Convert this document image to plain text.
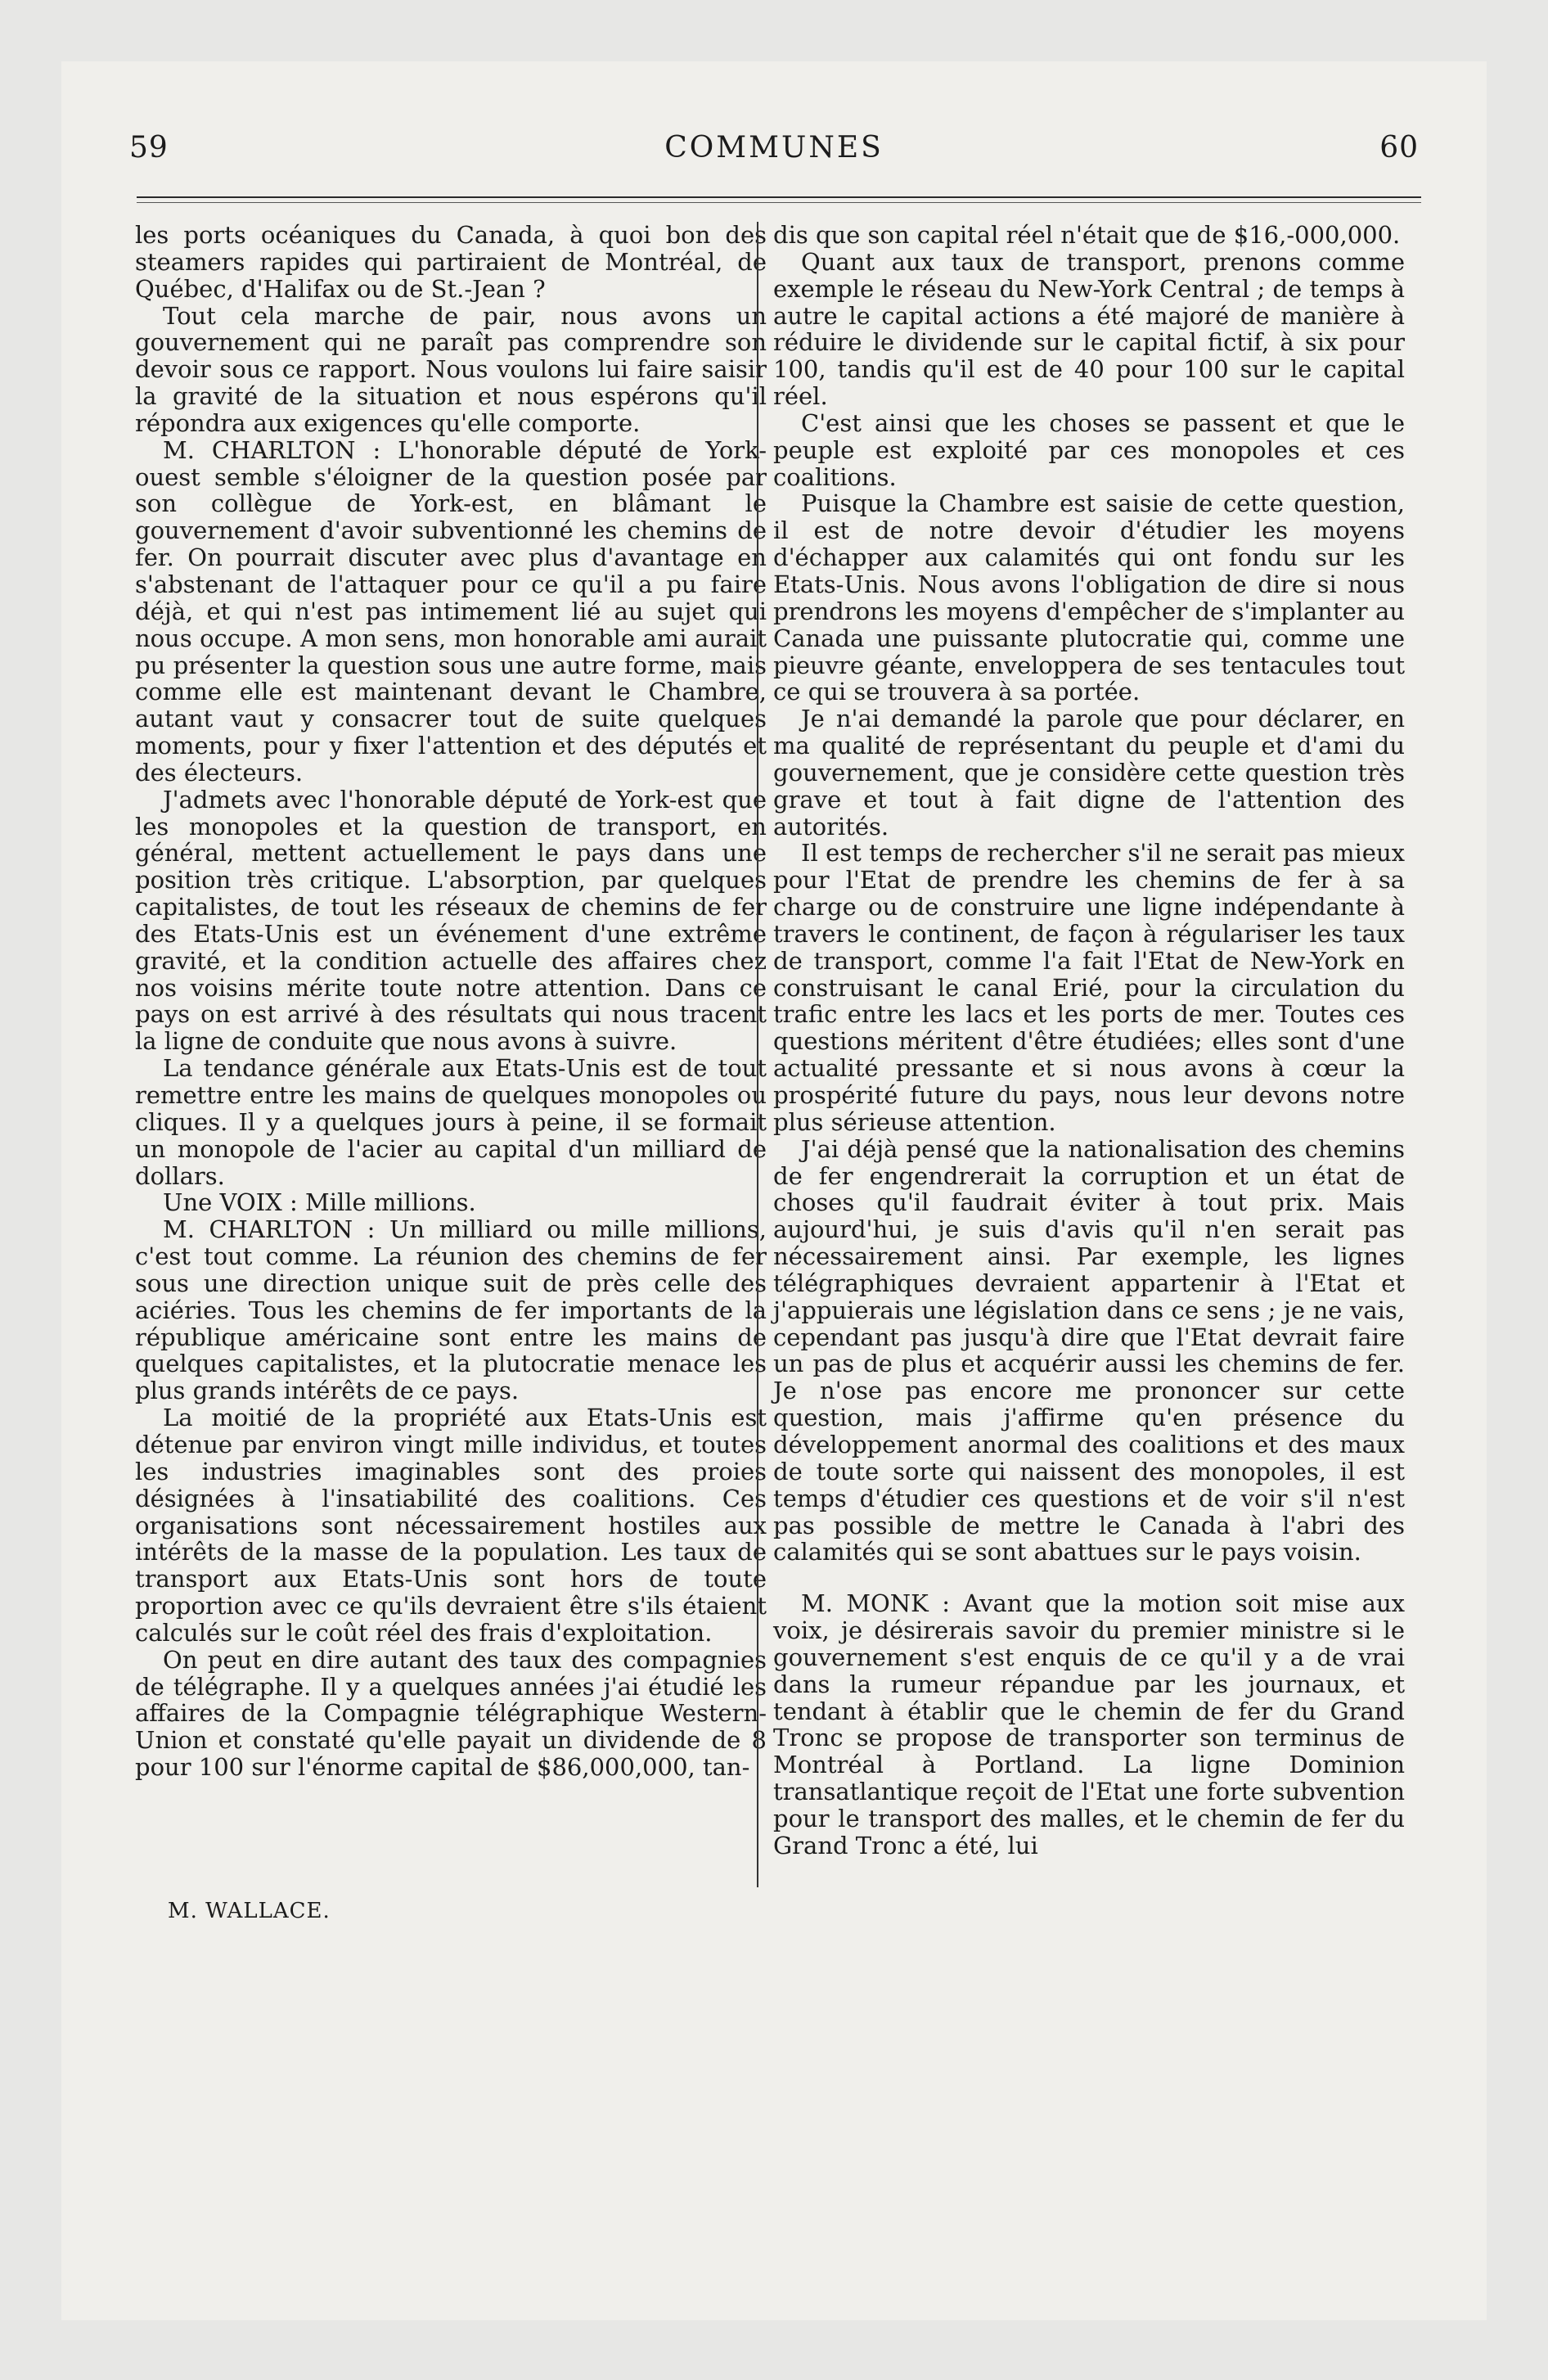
59	COMMUNES	60

les ports océaniques du Canada, à quoi bon des steamers rapides qui partiraient de Montréal, de Québec, d'Halifax ou de St.-Jean ?

Tout cela marche de pair, nous avons un gouvernement qui ne paraît pas comprendre son devoir sous ce rapport. Nous voulons lui faire saisir la gravité de la situation et nous espérons qu'il répondra aux exigences qu'elle comporte.

M. CHARLTON : L'honorable député de York-ouest semble s'éloigner de la question posée par son collègue de York-est, en blâmant le gouvernement d'avoir subventionné les chemins de fer. On pourrait discuter avec plus d'avantage en s'abstenant de l'attaquer pour ce qu'il a pu faire déjà, et qui n'est pas intimement lié au sujet qui nous occupe. A mon sens, mon honorable ami aurait pu présenter la question sous une autre forme, mais comme elle est maintenant devant le Chambre, autant vaut y consacrer tout de suite quelques moments, pour y fixer l'attention et des députés et des électeurs.

J'admets avec l'honorable député de York-est que les monopoles et la question de transport, en général, mettent actuellement le pays dans une position très critique. L'absorption, par quelques capitalistes, de tout les réseaux de chemins de fer des Etats-Unis est un événement d'une extrême gravité, et la condition actuelle des affaires chez nos voisins mérite toute notre attention. Dans ce pays on est arrivé à des résultats qui nous tracent la ligne de conduite que nous avons à suivre.

La tendance générale aux Etats-Unis est de tout remettre entre les mains de quelques monopoles ou cliques. Il y a quelques jours à peine, il se formait un monopole de l'acier au capital d'un milliard de dollars.

Une VOIX : Mille millions.

M. CHARLTON : Un milliard ou mille millions, c'est tout comme. La réunion des chemins de fer sous une direction unique suit de près celle des aciéries. Tous les chemins de fer importants de la république américaine sont entre les mains de quelques capitalistes, et la plutocratie menace les plus grands intérêts de ce pays.

La moitié de la propriété aux Etats-Unis est détenue par environ vingt mille individus, et toutes les industries imaginables sont des proies désignées à l'insatiabilité des coalitions. Ces organisations sont nécessairement hostiles aux intérêts de la masse de la population. Les taux de transport aux Etats-Unis sont hors de toute proportion avec ce qu'ils devraient être s'ils étaient calculés sur le coût réel des frais d'exploitation.

On peut en dire autant des taux des compagnies de télégraphe. Il y a quelques années j'ai étudié les affaires de la Compagnie télégraphique Western-Union et constaté qu'elle payait un dividende de 8 pour 100 sur l'énorme capital de $86,000,000, tan-

dis que son capital réel n'était que de $16,-000,000.

Quant aux taux de transport, prenons comme exemple le réseau du New-York Central ; de temps à autre le capital actions a été majoré de manière à réduire le dividende sur le capital fictif, à six pour 100, tandis qu'il est de 40 pour 100 sur le capital réel.

C'est ainsi que les choses se passent et que le peuple est exploité par ces monopoles et ces coalitions.

Puisque la Chambre est saisie de cette question, il est de notre devoir d'étudier les moyens d'échapper aux calamités qui ont fondu sur les Etats-Unis. Nous avons l'obligation de dire si nous prendrons les moyens d'empêcher de s'implanter au Canada une puissante plutocratie qui, comme une pieuvre géante, enveloppera de ses tentacules tout ce qui se trouvera à sa portée.

Je n'ai demandé la parole que pour déclarer, en ma qualité de représentant du peuple et d'ami du gouvernement, que je considère cette question très grave et tout à fait digne de l'attention des autorités.

Il est temps de rechercher s'il ne serait pas mieux pour l'Etat de prendre les chemins de fer à sa charge ou de construire une ligne indépendante à travers le continent, de façon à régulariser les taux de transport, comme l'a fait l'Etat de New-York en construisant le canal Erié, pour la circulation du trafic entre les lacs et les ports de mer. Toutes ces questions méritent d'être étudiées; elles sont d'une actualité pressante et si nous avons à cœur la prospérité future du pays, nous leur devons notre plus sérieuse attention.

J'ai déjà pensé que la nationalisation des chemins de fer engendrerait la corruption et un état de choses qu'il faudrait éviter à tout prix. Mais aujourd'hui, je suis d'avis qu'il n'en serait pas nécessairement ainsi. Par exemple, les lignes télégraphiques devraient appartenir à l'Etat et j'appuierais une législation dans ce sens ; je ne vais, cependant pas jusqu'à dire que l'Etat devrait faire un pas de plus et acquérir aussi les chemins de fer. Je n'ose pas encore me prononcer sur cette question, mais j'affirme qu'en présence du développement anormal des coalitions et des maux de toute sorte qui naissent des monopoles, il est temps d'étudier ces questions et de voir s'il n'est pas possible de mettre le Canada à l'abri des calamités qui se sont abattues sur le pays voisin.

M. MONK : Avant que la motion soit mise aux voix, je désirerais savoir du premier ministre si le gouvernement s'est enquis de ce qu'il y a de vrai dans la rumeur répandue par les journaux, et tendant à établir que le chemin de fer du Grand Tronc se propose de transporter son terminus de Montréal à Portland. La ligne Dominion transatlantique reçoit de l'Etat une forte subvention pour le transport des malles, et le chemin de fer du Grand Tronc a été, lui

M. WALLACE.
